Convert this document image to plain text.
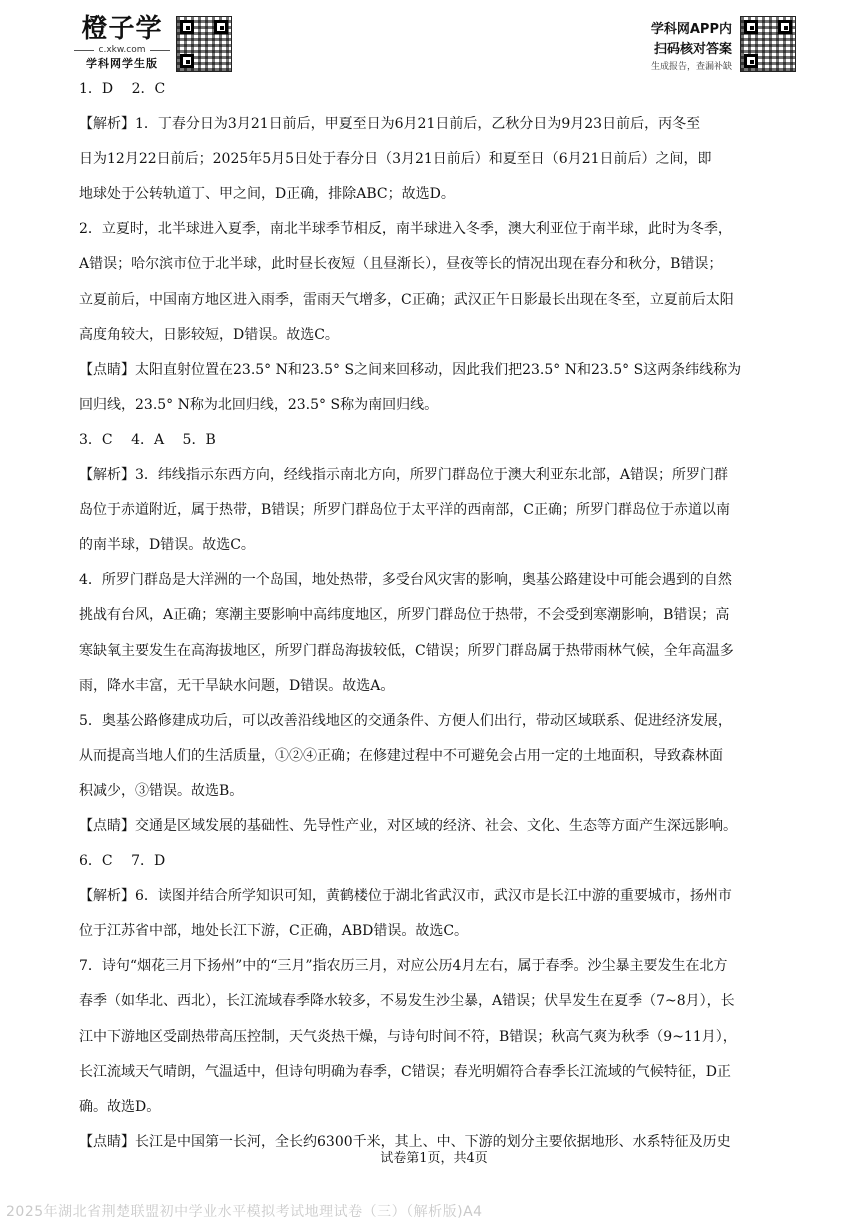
橙子学
c.xkw.com
学科网学生版
学科网APP内
扫码核对答案
生成报告，查漏补缺

1．D　 2．C

【解析】1．丁春分日为3月21日前后，甲夏至日为6月21日前后，乙秋分日为9月23日前后，丙冬至

日为12月22日前后；2025年5月5日处于春分日（3月21日前后）和夏至日（6月21日前后）之间，即

地球处于公转轨道丁、甲之间，D正确，排除ABC；故选D。

2．立夏时，北半球进入夏季，南北半球季节相反，南半球进入冬季，澳大利亚位于南半球，此时为冬季，

A错误；哈尔滨市位于北半球，此时昼长夜短（且昼渐长），昼夜等长的情况出现在春分和秋分，B错误；

立夏前后，中国南方地区进入雨季，雷雨天气增多，C正确；武汉正午日影最长出现在冬至，立夏前后太阳

高度角较大，日影较短，D错误。故选C。

【点睛】太阳直射位置在23.5° N和23.5° S之间来回移动，因此我们把23.5° N和23.5° S这两条纬线称为

回归线，23.5° N称为北回归线，23.5° S称为南回归线。

3．C　 4．A　 5．B

【解析】3．纬线指示东西方向，经线指示南北方向，所罗门群岛位于澳大利亚东北部，A错误；所罗门群

岛位于赤道附近，属于热带，B错误；所罗门群岛位于太平洋的西南部，C正确；所罗门群岛位于赤道以南

的南半球，D错误。故选C。

4．所罗门群岛是大洋洲的一个岛国，地处热带，多受台风灾害的影响，奥基公路建设中可能会遇到的自然

挑战有台风，A正确；寒潮主要影响中高纬度地区，所罗门群岛位于热带，不会受到寒潮影响，B错误；高

寒缺氧主要发生在高海拔地区，所罗门群岛海拔较低，C错误；所罗门群岛属于热带雨林气候，全年高温多

雨，降水丰富，无干旱缺水问题，D错误。故选A。

5．奥基公路修建成功后，可以改善沿线地区的交通条件、方便人们出行，带动区域联系、促进经济发展，

从而提高当地人们的生活质量，①②④正确；在修建过程中不可避免会占用一定的土地面积，导致森林面

积减少，③错误。故选B。

【点睛】交通是区域发展的基础性、先导性产业，对区域的经济、社会、文化、生态等方面产生深远影响。

6．C　 7．D

【解析】6．读图并结合所学知识可知，黄鹤楼位于湖北省武汉市，武汉市是长江中游的重要城市，扬州市

位于江苏省中部，地处长江下游，C正确，ABD错误。故选C。

7．诗句“烟花三月下扬州”中的“三月”指农历三月，对应公历4月左右，属于春季。沙尘暴主要发生在北方

春季（如华北、西北），长江流域春季降水较多，不易发生沙尘暴，A错误；伏旱发生在夏季（7~8月），长

江中下游地区受副热带高压控制，天气炎热干燥，与诗句时间不符，B错误；秋高气爽为秋季（9~11月），

长江流域天气晴朗，气温适中，但诗句明确为春季，C错误；春光明媚符合春季长江流域的气候特征，D正

确。故选D。

【点睛】长江是中国第一长河，全长约6300千米，其上、中、下游的划分主要依据地形、水系特征及历史

试卷第1页，共4页
2025年湖北省荆楚联盟初中学业水平模拟考试地理试卷（三）（解析版)A4
